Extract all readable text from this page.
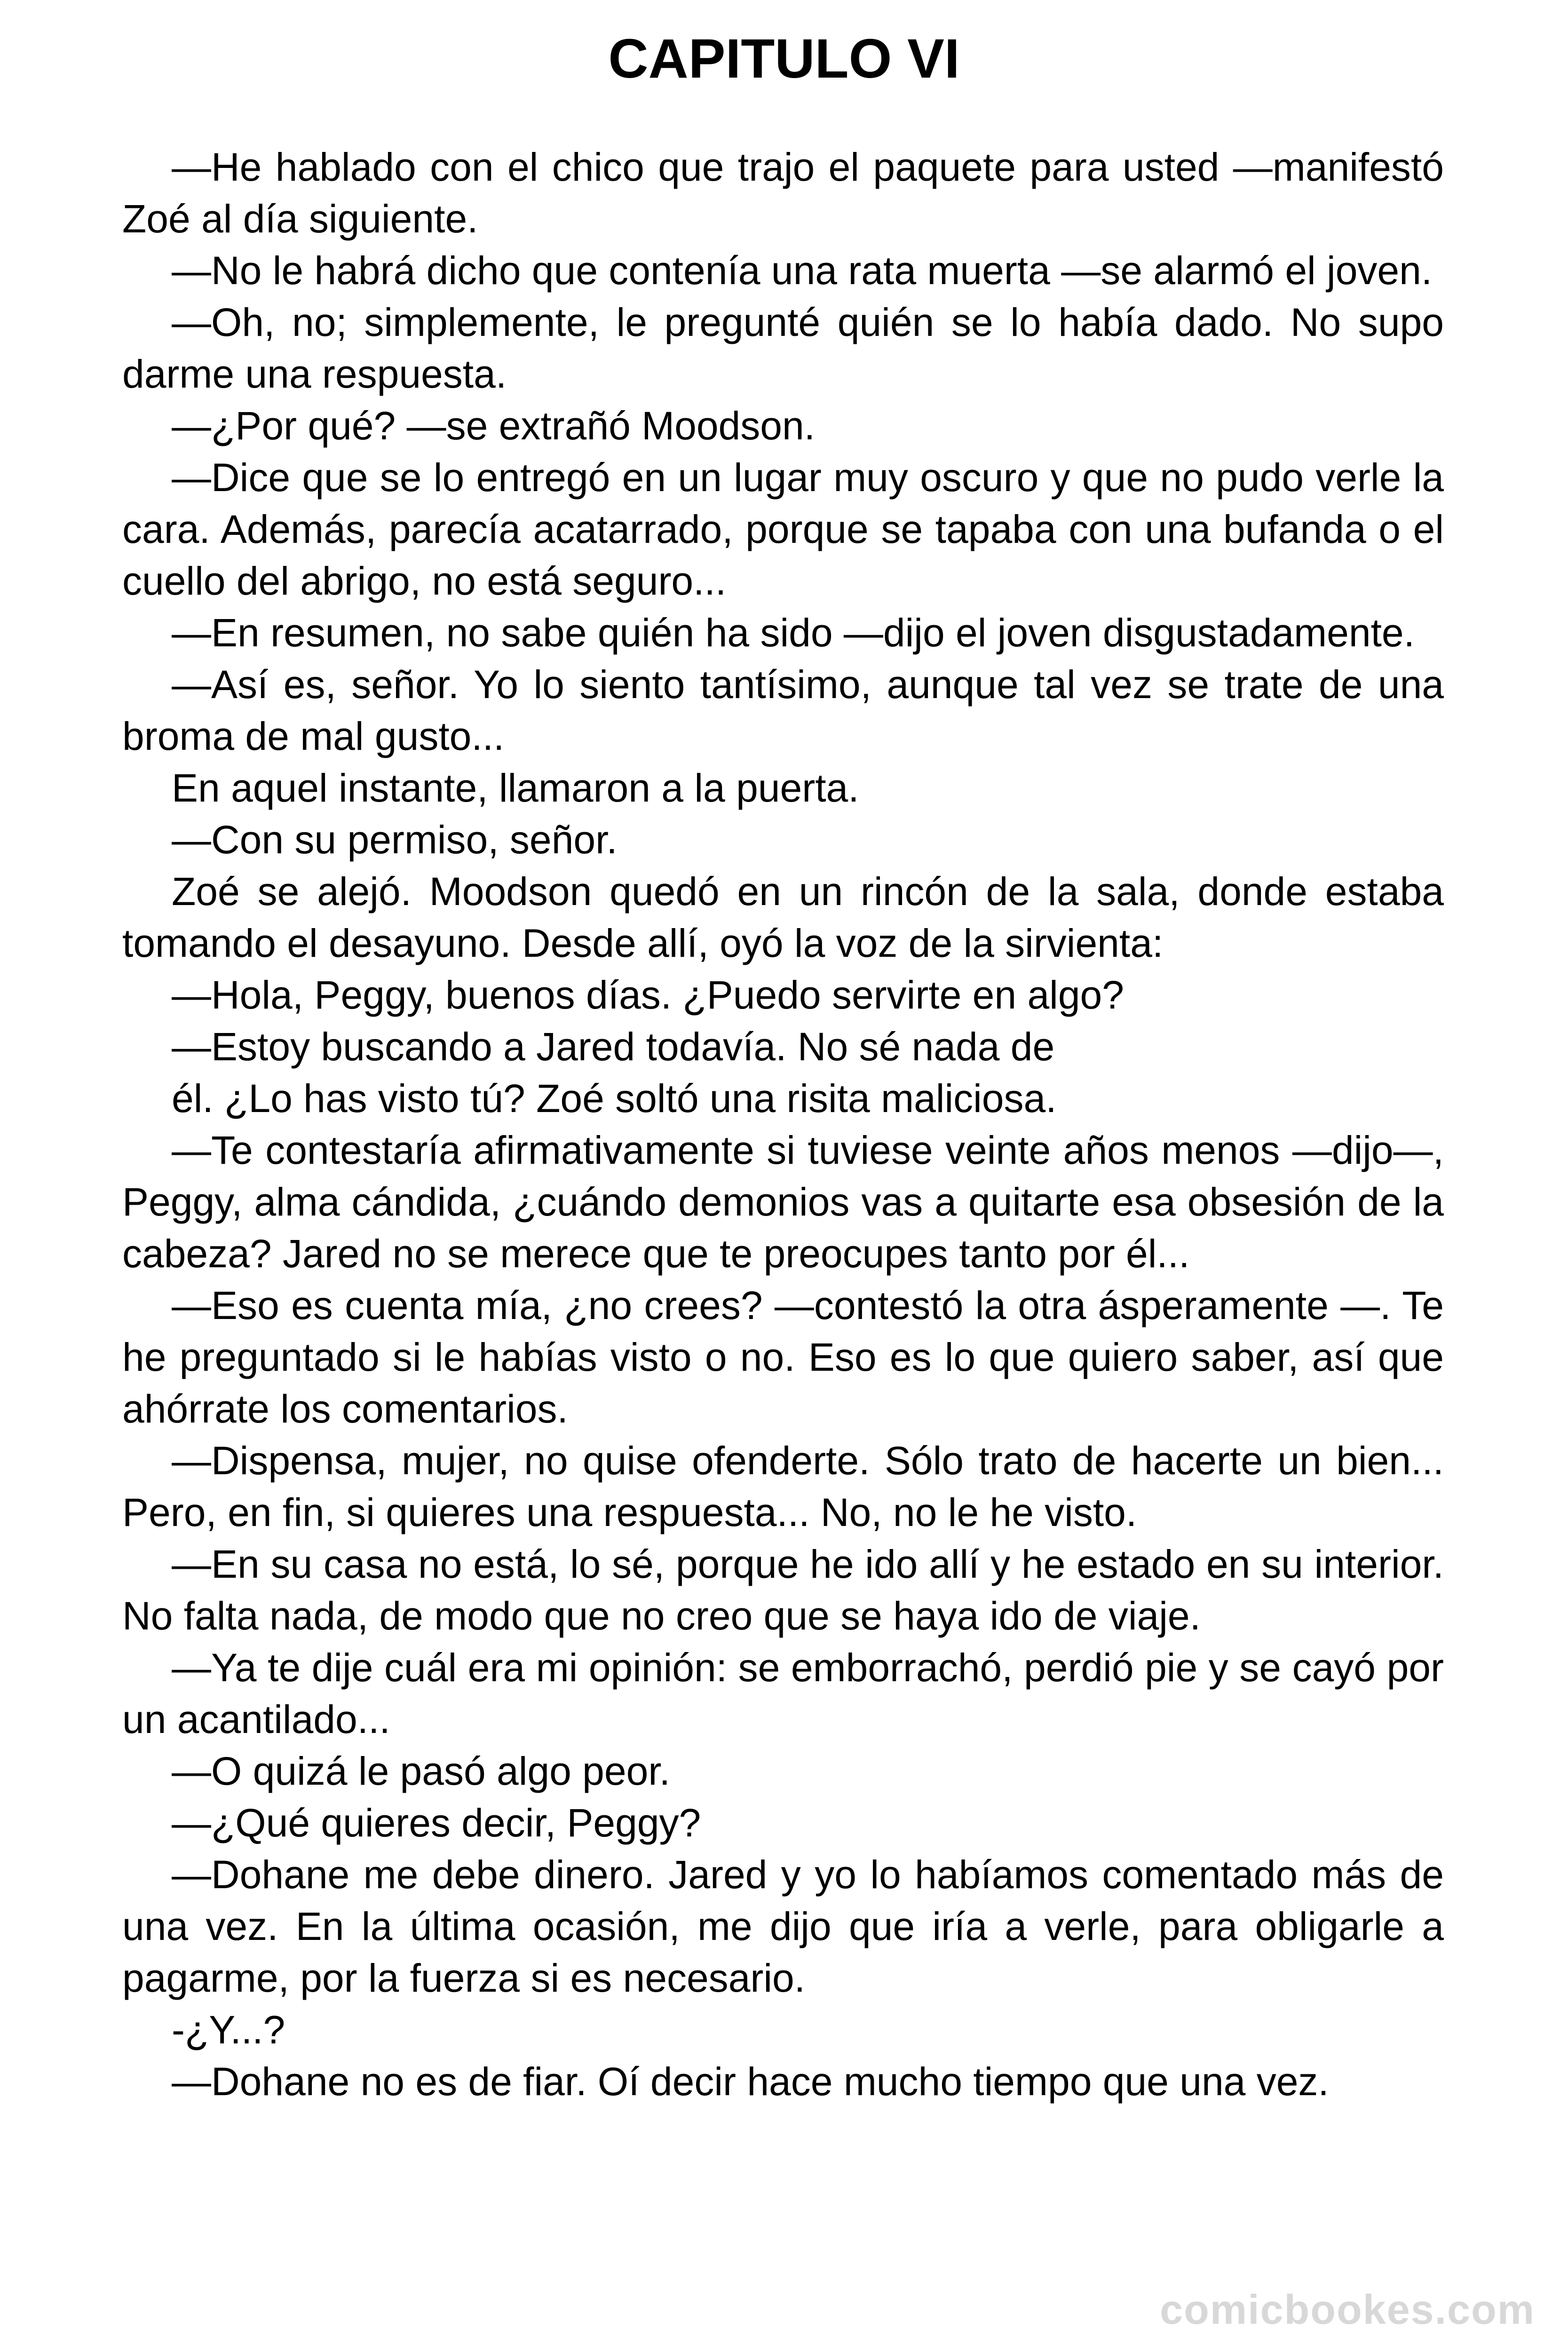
CAPITULO VI

—He hablado con el chico que trajo el paquete para usted —manifestó Zoé al día siguiente.

—No le habrá dicho que contenía una rata muerta —se alarmó el joven.

—Oh, no; simplemente, le pregunté quién se lo había dado. No supo darme una respuesta.

—¿Por qué? —se extrañó Moodson.

—Dice que se lo entregó en un lugar muy oscuro y que no pudo verle la cara. Además, parecía acatarrado, porque se tapaba con una bufanda o el cuello del abrigo, no está seguro...

—En resumen, no sabe quién ha sido —dijo el joven disgustadamente.

—Así es, señor. Yo lo siento tantísimo, aunque tal vez se trate de una broma de mal gusto...

En aquel instante, llamaron a la puerta.

—Con su permiso, señor.

Zoé se alejó. Moodson quedó en un rincón de la sala, donde estaba tomando el desayuno. Desde allí, oyó la voz de la sirvienta:

—Hola, Peggy, buenos días. ¿Puedo servirte en algo?

—Estoy buscando a Jared todavía. No sé nada de

él. ¿Lo has visto tú? Zoé soltó una risita maliciosa.

—Te contestaría afirmativamente si tuviese veinte años menos —dijo—, Peggy, alma cándida, ¿cuándo demonios vas a quitarte esa obsesión de la cabeza? Jared no se merece que te preocupes tanto por él...

—Eso es cuenta mía, ¿no crees? —contestó la otra ásperamente —. Te he preguntado si le habías visto o no. Eso es lo que quiero saber, así que ahórrate los comentarios.

—Dispensa, mujer, no quise ofenderte. Sólo trato de hacerte un bien... Pero, en fin, si quieres una respuesta... No, no le he visto.

—En su casa no está, lo sé, porque he ido allí y he estado en su interior. No falta nada, de modo que no creo que se haya ido de viaje.

—Ya te dije cuál era mi opinión: se emborrachó, perdió pie y se cayó por un acantilado...

—O quizá le pasó algo peor.

—¿Qué quieres decir, Peggy?

—Dohane me debe dinero. Jared y yo lo habíamos comentado más de una vez. En la última ocasión, me dijo que iría a verle, para obligarle a pagarme, por la fuerza si es necesario.

-¿Y...?

—Dohane no es de fiar. Oí decir hace mucho tiempo que una vez.

comicbookes.com
